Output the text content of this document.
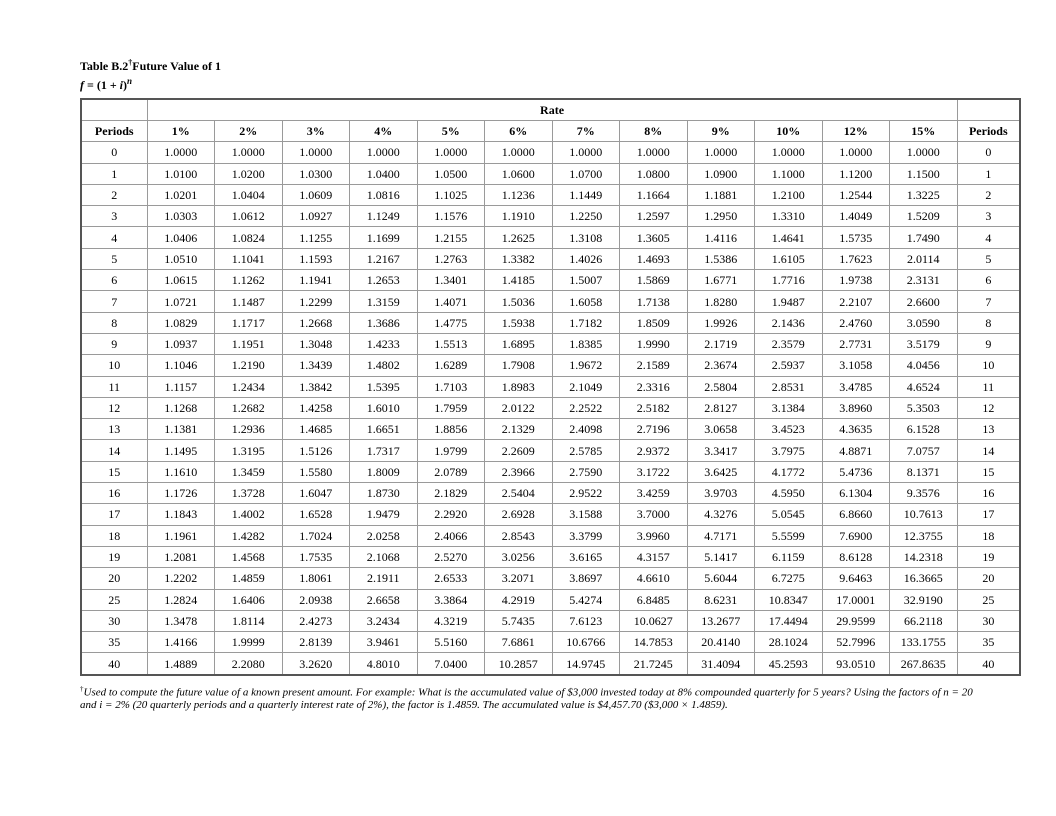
Table B.2†Future Value of 1
$f = (1 + i)^n$
	Rate												
Periods	1%	2%	3%	4%	5%	6%	7%	8%	9%	10%	12%	15%	Periods
0	1.0000	1.0000	1.0000	1.0000	1.0000	1.0000	1.0000	1.0000	1.0000	1.0000	1.0000	1.0000	0
1	1.0100	1.0200	1.0300	1.0400	1.0500	1.0600	1.0700	1.0800	1.0900	1.1000	1.1200	1.1500	1
2	1.0201	1.0404	1.0609	1.0816	1.1025	1.1236	1.1449	1.1664	1.1881	1.2100	1.2544	1.3225	2
3	1.0303	1.0612	1.0927	1.1249	1.1576	1.1910	1.2250	1.2597	1.2950	1.3310	1.4049	1.5209	3
4	1.0406	1.0824	1.1255	1.1699	1.2155	1.2625	1.3108	1.3605	1.4116	1.4641	1.5735	1.7490	4
5	1.0510	1.1041	1.1593	1.2167	1.2763	1.3382	1.4026	1.4693	1.5386	1.6105	1.7623	2.0114	5
6	1.0615	1.1262	1.1941	1.2653	1.3401	1.4185	1.5007	1.5869	1.6771	1.7716	1.9738	2.3131	6
7	1.0721	1.1487	1.2299	1.3159	1.4071	1.5036	1.6058	1.7138	1.8280	1.9487	2.2107	2.6600	7
8	1.0829	1.1717	1.2668	1.3686	1.4775	1.5938	1.7182	1.8509	1.9926	2.1436	2.4760	3.0590	8
9	1.0937	1.1951	1.3048	1.4233	1.5513	1.6895	1.8385	1.9990	2.1719	2.3579	2.7731	3.5179	9
10	1.1046	1.2190	1.3439	1.4802	1.6289	1.7908	1.9672	2.1589	2.3674	2.5937	3.1058	4.0456	10
11	1.1157	1.2434	1.3842	1.5395	1.7103	1.8983	2.1049	2.3316	2.5804	2.8531	3.4785	4.6524	11
12	1.1268	1.2682	1.4258	1.6010	1.7959	2.0122	2.2522	2.5182	2.8127	3.1384	3.8960	5.3503	12
13	1.1381	1.2936	1.4685	1.6651	1.8856	2.1329	2.4098	2.7196	3.0658	3.4523	4.3635	6.1528	13
14	1.1495	1.3195	1.5126	1.7317	1.9799	2.2609	2.5785	2.9372	3.3417	3.7975	4.8871	7.0757	14
15	1.1610	1.3459	1.5580	1.8009	2.0789	2.3966	2.7590	3.1722	3.6425	4.1772	5.4736	8.1371	15
16	1.1726	1.3728	1.6047	1.8730	2.1829	2.5404	2.9522	3.4259	3.9703	4.5950	6.1304	9.3576	16
17	1.1843	1.4002	1.6528	1.9479	2.2920	2.6928	3.1588	3.7000	4.3276	5.0545	6.8660	10.7613	17
18	1.1961	1.4282	1.7024	2.0258	2.4066	2.8543	3.3799	3.9960	4.7171	5.5599	7.6900	12.3755	18
19	1.2081	1.4568	1.7535	2.1068	2.5270	3.0256	3.6165	4.3157	5.1417	6.1159	8.6128	14.2318	19
20	1.2202	1.4859	1.8061	2.1911	2.6533	3.2071	3.8697	4.6610	5.6044	6.7275	9.6463	16.3665	20
25	1.2824	1.6406	2.0938	2.6658	3.3864	4.2919	5.4274	6.8485	8.6231	10.8347	17.0001	32.9190	25
30	1.3478	1.8114	2.4273	3.2434	4.3219	5.7435	7.6123	10.0627	13.2677	17.4494	29.9599	66.2118	30
35	1.4166	1.9999	2.8139	3.9461	5.5160	7.6861	10.6766	14.7853	20.4140	28.1024	52.7996	133.1755	35
40	1.4889	2.2080	3.2620	4.8010	7.0400	10.2857	14.9745	21.7245	31.4094	45.2593	93.0510	267.8635	40
†Used to compute the future value of a known present amount. For example: What is the accumulated value of $3,000 invested today at 8% compounded quarterly for 5 years? Using the factors of n = 20 and i = 2% (20 quarterly periods and a quarterly interest rate of 2%), the factor is 1.4859. The accumulated value is $4,457.70 ($3,000 × 1.4859).
